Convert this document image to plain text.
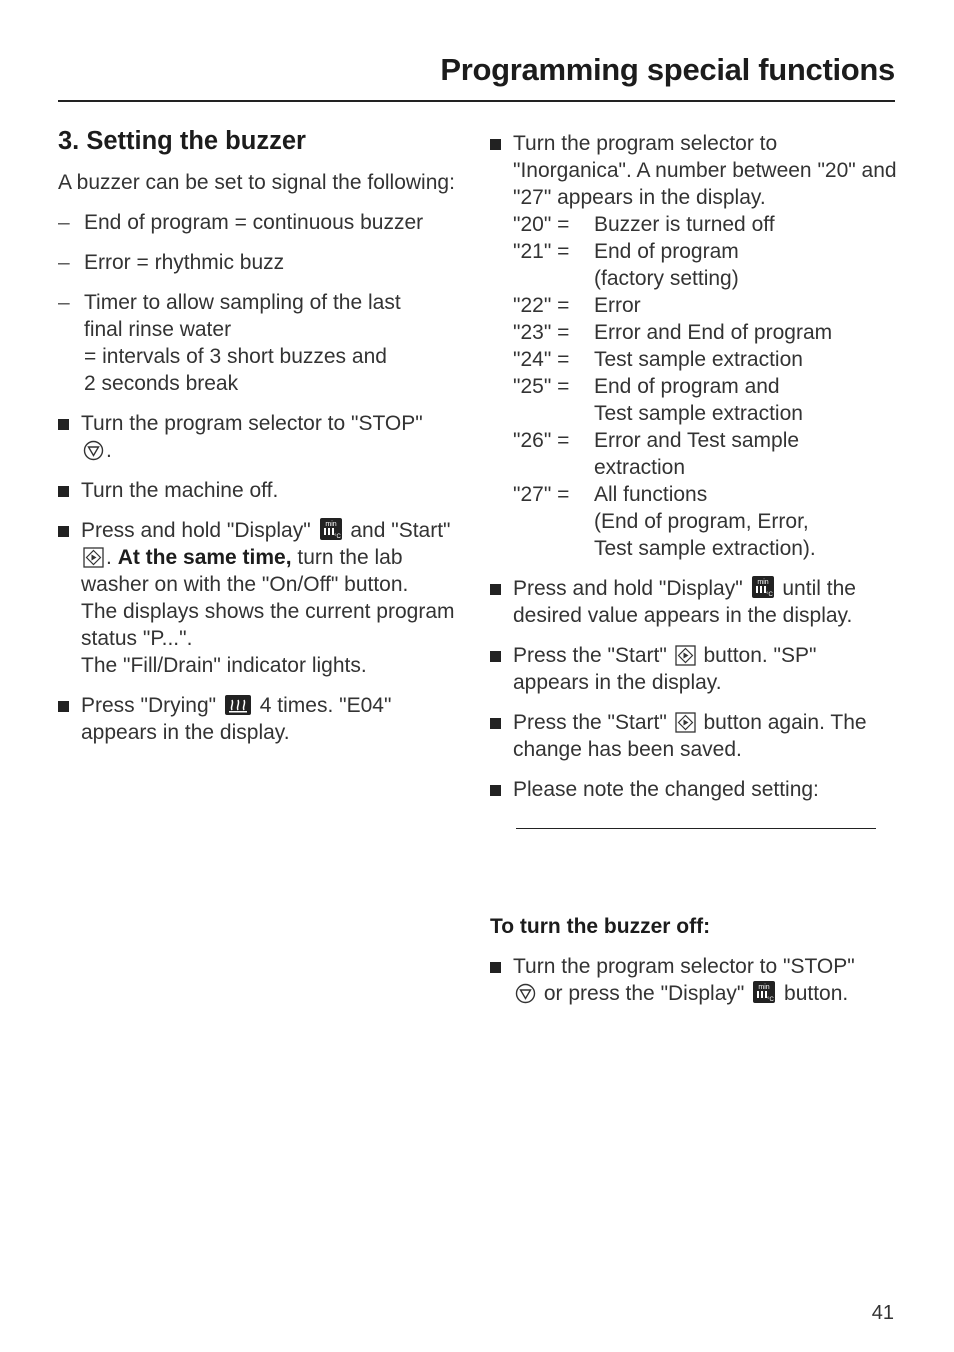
Programming special functions
3. Setting the buzzer
A buzzer can be set to signal the following:
– End of program = continuous buzzer
– Error = rhythmic buzz
– Timer to allow sampling of the last
final rinse water
= intervals of 3 short buzzes and
2 seconds break
Turn the program selector to "STOP"
.
Turn the machine off.
Press and hold "Display" min
°C and "Start" . At the same time, turn the lab washer on with the "On/Off" button.
The displays shows the current program status "P...".
The "Fill/Drain" indicator lights.
Press "Drying" 4 times. "E04" appears in the display.
Turn the program selector to "Inorganica". A number between "20" and "27" appears in the display.
"20" =	Buzzer is turned off
"21" =	End of program
(factory setting)
"22" =	Error
"23" =	Error and End of program
"24" =	Test sample extraction
"25" =	End of program and
Test sample extraction
"26" =	Error and Test sample
extraction
"27" =	All functions
(End of program, Error,
Test sample extraction).
Press and hold "Display" min
°C until the desired value appears in the display.
Press the "Start" button. "SP" appears in the display.
Press the "Start" button again. The change has been saved.
Please note the changed setting:
To turn the buzzer off:
Turn the program selector to "STOP"
or press the "Display" min
°C button.
41
